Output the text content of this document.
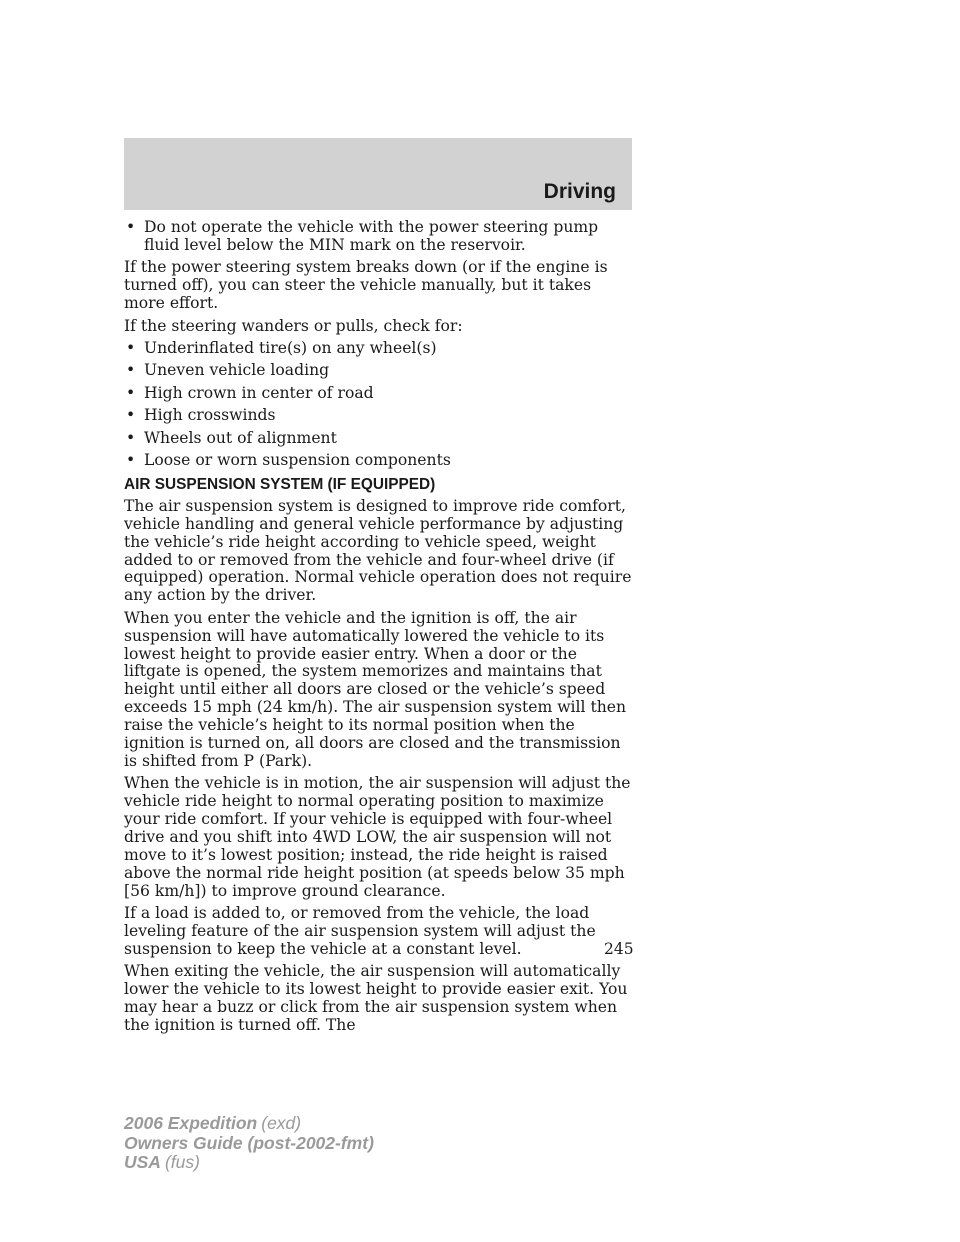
Driving
• Do not operate the vehicle with the power steering pump fluid level below the MIN mark on the reservoir.

If the power steering system breaks down (or if the engine is turned off), you can steer the vehicle manually, but it takes more effort.

If the steering wanders or pulls, check for:

• Underinflated tire(s) on any wheel(s)
• Uneven vehicle loading
• High crown in center of road
• High crosswinds
• Wheels out of alignment
• Loose or worn suspension components
AIR SUSPENSION SYSTEM (IF EQUIPPED)

The air suspension system is designed to improve ride comfort, vehicle handling and general vehicle performance by adjusting the vehicle’s ride height according to vehicle speed, weight added to or removed from the vehicle and four-wheel drive (if equipped) operation. Normal vehicle operation does not require any action by the driver.

When you enter the vehicle and the ignition is off, the air suspension will have automatically lowered the vehicle to its lowest height to provide easier entry. When a door or the liftgate is opened, the system memorizes and maintains that height until either all doors are closed or the vehicle’s speed exceeds 15 mph (24 km/h). The air suspension system will then raise the vehicle’s height to its normal position when the ignition is turned on, all doors are closed and the transmission is shifted from P (Park).

When the vehicle is in motion, the air suspension will adjust the vehicle ride height to normal operating position to maximize your ride comfort. If your vehicle is equipped with four-wheel drive and you shift into 4WD LOW, the air suspension will not move to it’s lowest position; instead, the ride height is raised above the normal ride height position (at speeds below 35 mph [56 km/h]) to improve ground clearance.

If a load is added to, or removed from the vehicle, the load leveling feature of the air suspension system will adjust the suspension to keep the vehicle at a constant level.

When exiting the vehicle, the air suspension will automatically lower the vehicle to its lowest height to provide easier exit. You may hear a buzz or click from the air suspension system when the ignition is turned off. The

245
2006 Expedition (exd)
Owners Guide (post-2002-fmt)
USA (fus)
